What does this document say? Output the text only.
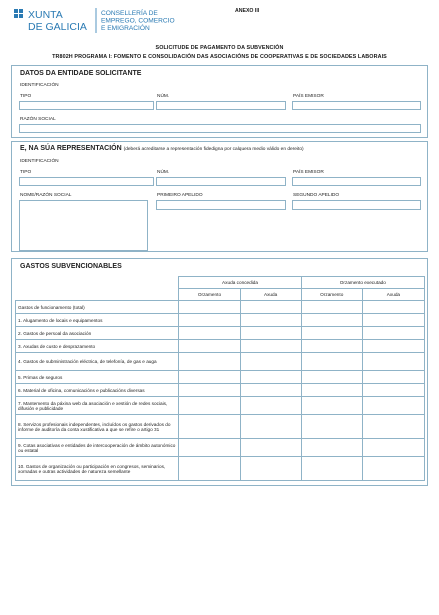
XUNTA
DE GALICIA
CONSELLERÍA DE
EMPREGO, COMERCIO
E EMIGRACIÓN
ANEXO III
SOLICITUDE DE PAGAMENTO DA SUBVENCIÓN
TR802H PROGRAMA I: FOMENTO E CONSOLIDACIÓN DAS ASOCIACIÓNS DE COOPERATIVAS E DE SOCIEDADES LABORAIS
DATOS DA ENTIDADE SOLICITANTE
IDENTIFICACIÓN
TIPO	NÚM.	PAÍS EMISOR
RAZÓN SOCIAL
E, NA SÚA REPRESENTACIÓN (deberá acreditarse a representación fidedigna por calquera medio válido en dereito)
IDENTIFICACIÓN
TIPO	NÚM.	PAÍS EMISOR
NOME/RAZÓN SOCIAL	PRIMEIRO APELIDO	SEGUNDO APELIDO
GASTOS SUBVENCIONABLES
	Axuda concedida		Orzamento executado	
	Orzamento	Axuda	Orzamento	Axuda
Gastos de funcionamento (total)				
1. Alugamento de locais e equipamentos				
2. Gastos de persoal da asociación				
3. Axudas de custo e desprazamento				
4. Gastos de subministración eléctrica, de telefonía, de gas e auga				
5. Primas de seguros				
6. Material de oficina, comunicacións e publicacións diversas				
7. Mantemento da páxina web da asociación e xestión de redes sociais, difusión e publicidade				
8. Servizos profesionais independentes, incluídos os gastos derivados do informe de auditoría da conta xustificativa a que se refire o artigo 31				
9. Cotas asociativas e entidades de intercooperación de ámbito autonómico ou estatal				
10. Gastos de organización ou participación en congresos, seminarios, xornadas e outras actividades de natureza semellante				
